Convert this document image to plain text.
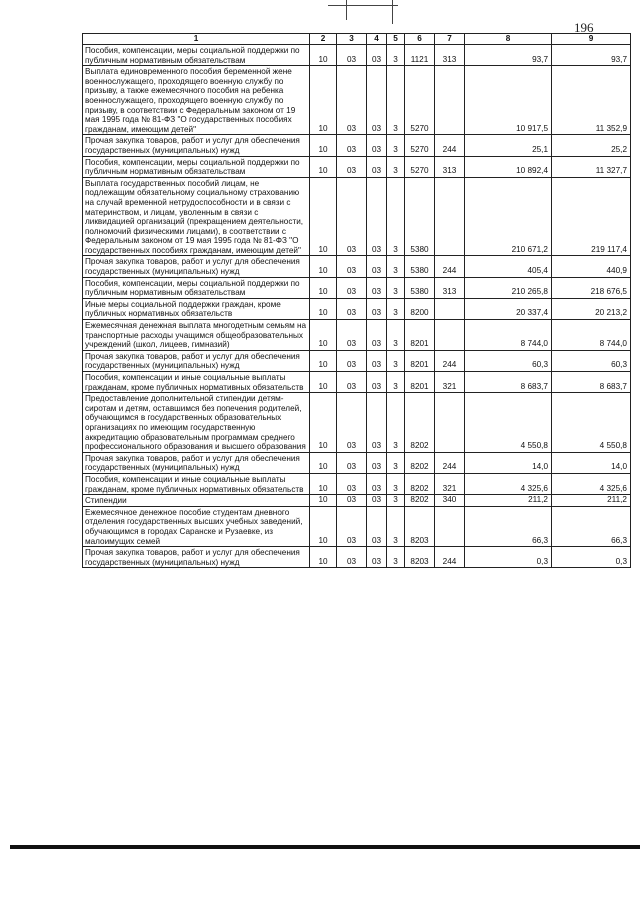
196
1	2	3	4	5	6	7	8	9
Пособия, компенсации, меры социальной поддержки по публичным нормативным обязательствам	10	03	03	3	1121	313	93,7	93,7
Выплата единовременного пособия беременной жене военнослужащего, проходящего военную службу по призыву, а также ежемесячного пособия на ребенка военнослужащего, проходящего военную службу по призыву, в соответствии с Федеральным законом от 19 мая 1995 года № 81-ФЗ "О государственных пособиях гражданам, имеющим детей"	10	03	03	3	5270		10 917,5	11 352,9
Прочая закупка товаров, работ и услуг для обеспечения государственных (муниципальных) нужд	10	03	03	3	5270	244	25,1	25,2
Пособия, компенсации, меры социальной поддержки по публичным нормативным обязательствам	10	03	03	3	5270	313	10 892,4	11 327,7
Выплата государственных пособий лицам, не подлежащим обязательному социальному страхованию на случай временной нетрудоспособности и в связи с материнством, и лицам, уволенным в связи с ликвидацией организаций (прекращением деятельности, полномочий физическими лицами), в соответствии с Федеральным законом от 19 мая 1995 года № 81-ФЗ "О государственных пособиях гражданам, имеющим детей"	10	03	03	3	5380		210 671,2	219 117,4
Прочая закупка товаров, работ и услуг для обеспечения государственных (муниципальных) нужд	10	03	03	3	5380	244	405,4	440,9
Пособия, компенсации, меры социальной поддержки по публичным нормативным обязательствам	10	03	03	3	5380	313	210 265,8	218 676,5
Иные меры социальной поддержки граждан, кроме публичных нормативных обязательств	10	03	03	3	8200		20 337,4	20 213,2
Ежемесячная денежная выплата многодетным семьям на транспортные расходы учащимся общеобразовательных учреждений (школ, лицеев, гимназий)	10	03	03	3	8201		8 744,0	8 744,0
Прочая закупка товаров, работ и услуг для обеспечения государственных (муниципальных) нужд	10	03	03	3	8201	244	60,3	60,3
Пособия, компенсации и иные социальные выплаты гражданам, кроме публичных нормативных обязательств	10	03	03	3	8201	321	8 683,7	8 683,7
Предоставление дополнительной стипендии детям-сиротам и детям, оставшимся без попечения родителей, обучающимся в государственных образовательных организациях по имеющим государственную аккредитацию образовательным программам среднего профессионального образования и высшего образования	10	03	03	3	8202		4 550,8	4 550,8
Прочая закупка товаров, работ и услуг для обеспечения государственных (муниципальных) нужд	10	03	03	3	8202	244	14,0	14,0
Пособия, компенсации и иные социальные выплаты гражданам, кроме публичных нормативных обязательств	10	03	03	3	8202	321	4 325,6	4 325,6
Стипендии	10	03	03	3	8202	340	211,2	211,2
Ежемесячное денежное пособие студентам дневного отделения государственных высших учебных заведений, обучающимся в городах Саранске и Рузаевке, из малоимущих семей	10	03	03	3	8203		66,3	66,3
Прочая закупка товаров, работ и услуг для обеспечения государственных (муниципальных) нужд	10	03	03	3	8203	244	0,3	0,3
